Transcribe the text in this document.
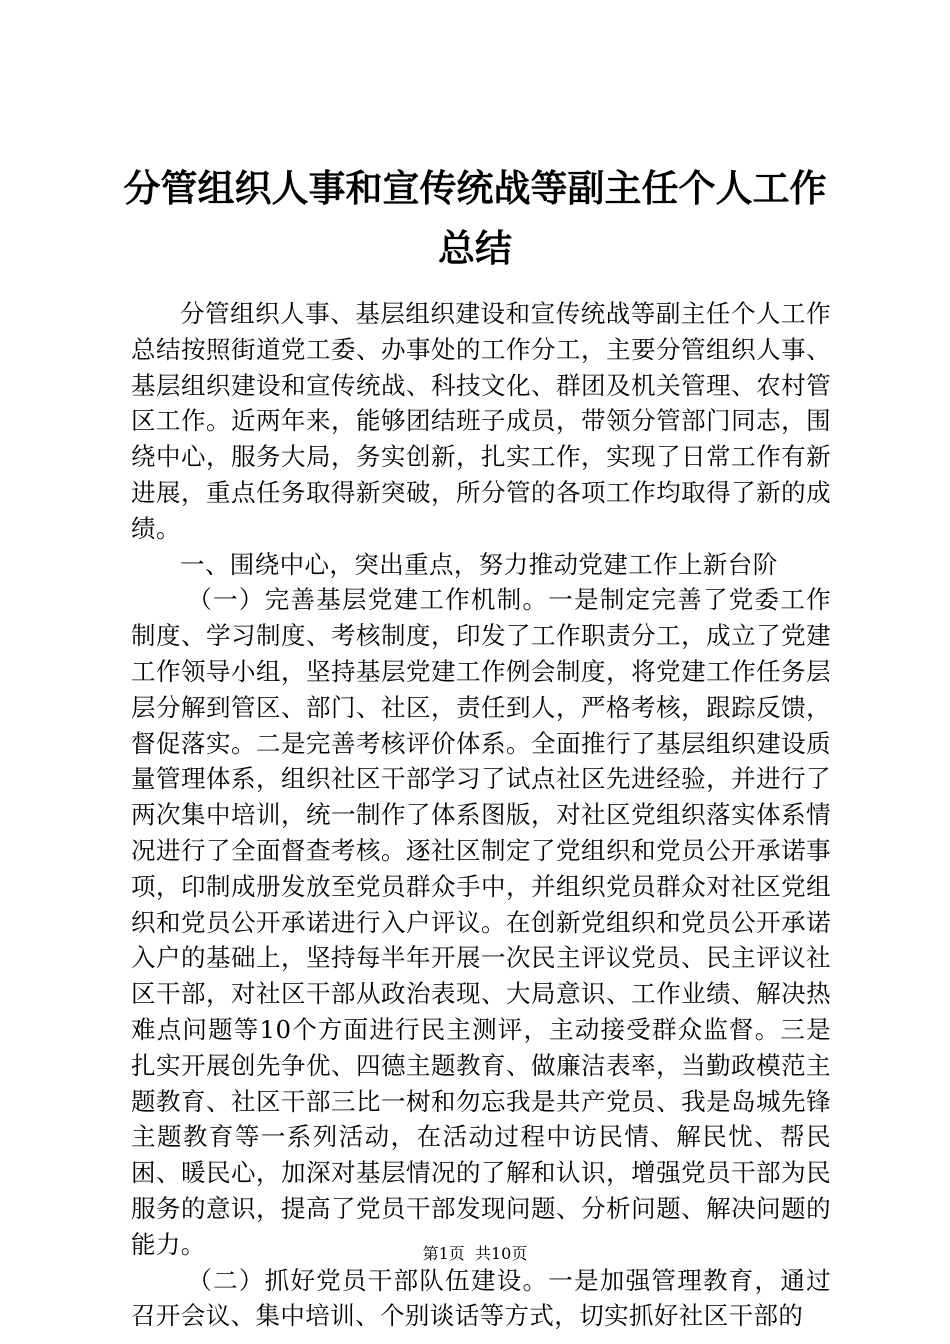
分管组织人事和宣传统战等副主任个人工作总结

分管组织人事、基层组织建设和宣传统战等副主任个人工作总结按照街道党工委、办事处的工作分工，主要分管组织人事、基层组织建设和宣传统战、科技文化、群团及机关管理、农村管区工作。近两年来，能够团结班子成员，带领分管部门同志，围绕中心，服务大局，务实创新，扎实工作，实现了日常工作有新进展，重点任务取得新突破，所分管的各项工作均取得了新的成绩。

一、围绕中心，突出重点，努力推动党建工作上新台阶

（一）完善基层党建工作机制。一是制定完善了党委工作制度、学习制度、考核制度，印发了工作职责分工，成立了党建工作领导小组，坚持基层党建工作例会制度，将党建工作任务层层分解到管区、部门、社区，责任到人，严格考核，跟踪反馈，督促落实。二是完善考核评价体系。全面推行了基层组织建设质量管理体系，组织社区干部学习了试点社区先进经验，并进行了两次集中培训，统一制作了体系图版，对社区党组织落实体系情况进行了全面督查考核。逐社区制定了党组织和党员公开承诺事项，印制成册发放至党员群众手中，并组织党员群众对社区党组织和党员公开承诺进行入户评议。在创新党组织和党员公开承诺入户的基础上，坚持每半年开展一次民主评议党员、民主评议社区干部，对社区干部从政治表现、大局意识、工作业绩、解决热难点问题等10个方面进行民主测评，主动接受群众监督。三是扎实开展创先争优、四德主题教育、做廉洁表率，当勤政模范主题教育、社区干部三比一树和勿忘我是共产党员、我是岛城先锋主题教育等一系列活动，在活动过程中访民情、解民忧、帮民困、暖民心，加深对基层情况的了解和认识，增强党员干部为民服务的意识，提高了党员干部发现问题、分析问题、解决问题的能力。

（二）抓好党员干部队伍建设。一是加强管理教育，通过召开会议、集中培训、个别谈话等方式，切实抓好社区干部的

第1页 共10页
